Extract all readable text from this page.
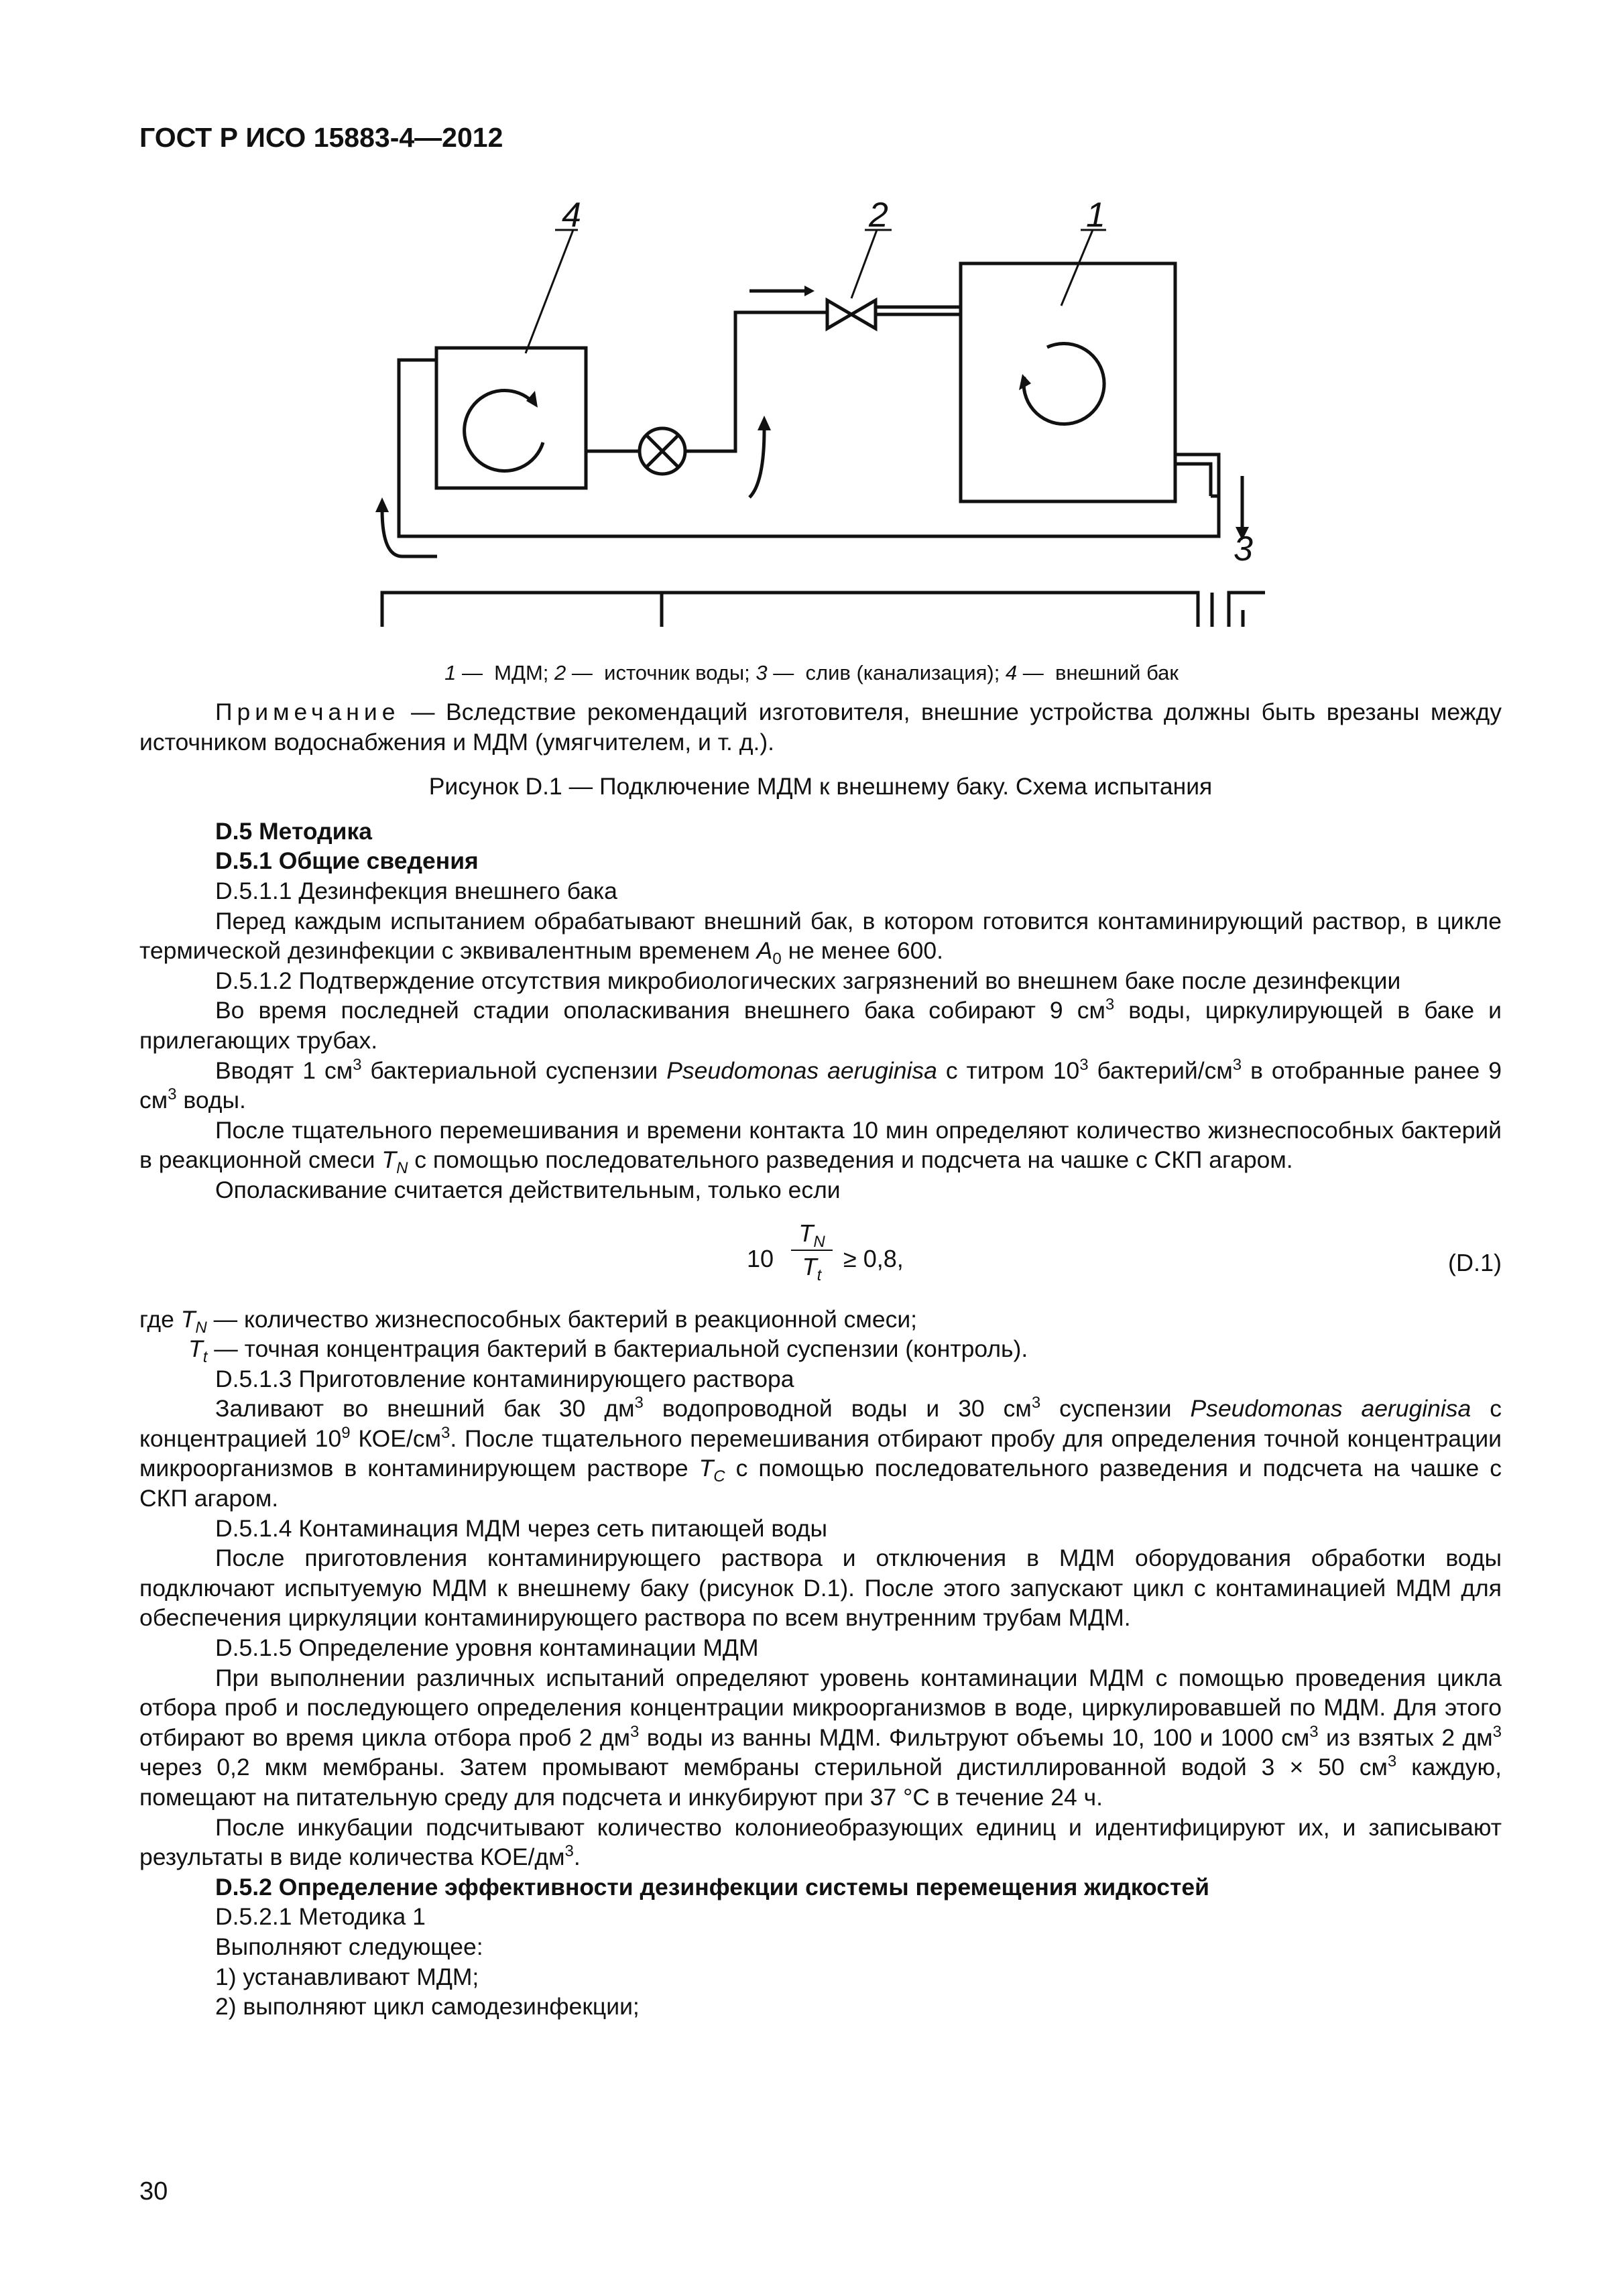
ГОСТ Р ИСО 15883-4—2012
4	2	1
3
1 —  МДМ; 2 —  источник воды; 3 —  слив (канализация); 4 —  внешний бак
Примечание — Вследствие рекомендаций изготовителя, внешние устройства должны быть врезаны между источником водоснабжения и МДМ (умягчителем, и т. д.).
Рисунок D.1 — Подключение МДМ к внешнему баку. Схема испытания
D.5 Методика
D.5.1 Общие сведения
D.5.1.1 Дезинфекция внешнего бака
Перед каждым испытанием обрабатывают внешний бак, в котором готовится контаминирующий раствор, в цикле термической дезинфекции с эквивалентным временем $A_0$ не менее 600.
D.5.1.2 Подтверждение отсутствия микробиологических загрязнений во внешнем баке после дезинфекции
Во время последней стадии ополаскивания внешнего бака собирают 9 $см^3$ воды, циркулирующей в баке и прилегающих трубах.
Вводят 1 $см^3$ бактериальной суспензии Pseudomonas aeruginisa с титром $10^3$ бактерий/$см^3$ в отобранные ранее 9 $см^3$ воды.
После тщательного перемешивания и времени контакта 10 мин определяют количество жизнеспособных бактерий в реакционной смеси $T_N$ с помощью последовательного разведения и подсчета на чашке с СКП агаром.
Ополаскивание считается действительным, только если
10
$T_N$
$T_t$
≥ 0,8,	(D.1)
где $T_N$ — количество жизнеспособных бактерий в реакционной смеси;
$T_t$ — точная концентрация бактерий в бактериальной суспензии (контроль).
D.5.1.3 Приготовление контаминирующего раствора
Заливают во внешний бак 30 $дм^3$ водопроводной воды и 30 $см^3$ суспензии Pseudomonas aeruginisa с концентрацией $10^9$ КОЕ/$см^3$. После тщательного перемешивания отбирают пробу для определения точной концентрации микроорганизмов в контаминирующем растворе $T_C$ с помощью последовательного разведения и подсчета на чашке с СКП агаром.
D.5.1.4 Контаминация МДМ через сеть питающей воды
После приготовления контаминирующего раствора и отключения в МДМ оборудования обработки воды подключают испытуемую МДМ к внешнему баку (рисунок D.1). После этого запускают цикл с контаминацией МДМ для обеспечения циркуляции контаминирующего раствора по всем внутренним трубам МДМ.
D.5.1.5 Определение уровня контаминации МДМ
При выполнении различных испытаний определяют уровень контаминации МДМ с помощью проведения цикла отбора проб и последующего определения концентрации микроорганизмов в воде, циркулировавшей по МДМ. Для этого отбирают во время цикла отбора проб 2 $дм^3$ воды из ванны МДМ. Фильтруют объемы 10, 100 и 1000 $см^3$ из взятых 2 $дм^3$ через 0,2 мкм мембраны. Затем промывают мембраны стерильной дистиллированной водой 3 × 50 $см^3$ каждую, помещают на питательную среду для подсчета и инкубируют при 37 °C в течение 24 ч.
После инкубации подсчитывают количество колониеобразующих единиц и идентифицируют их, и записывают результаты в виде количества КОЕ/$дм^3$.
D.5.2 Определение эффективности дезинфекции системы перемещения жидкостей
D.5.2.1 Методика 1
Выполняют следующее:
1) устанавливают МДМ;
2) выполняют цикл самодезинфекции;
30
